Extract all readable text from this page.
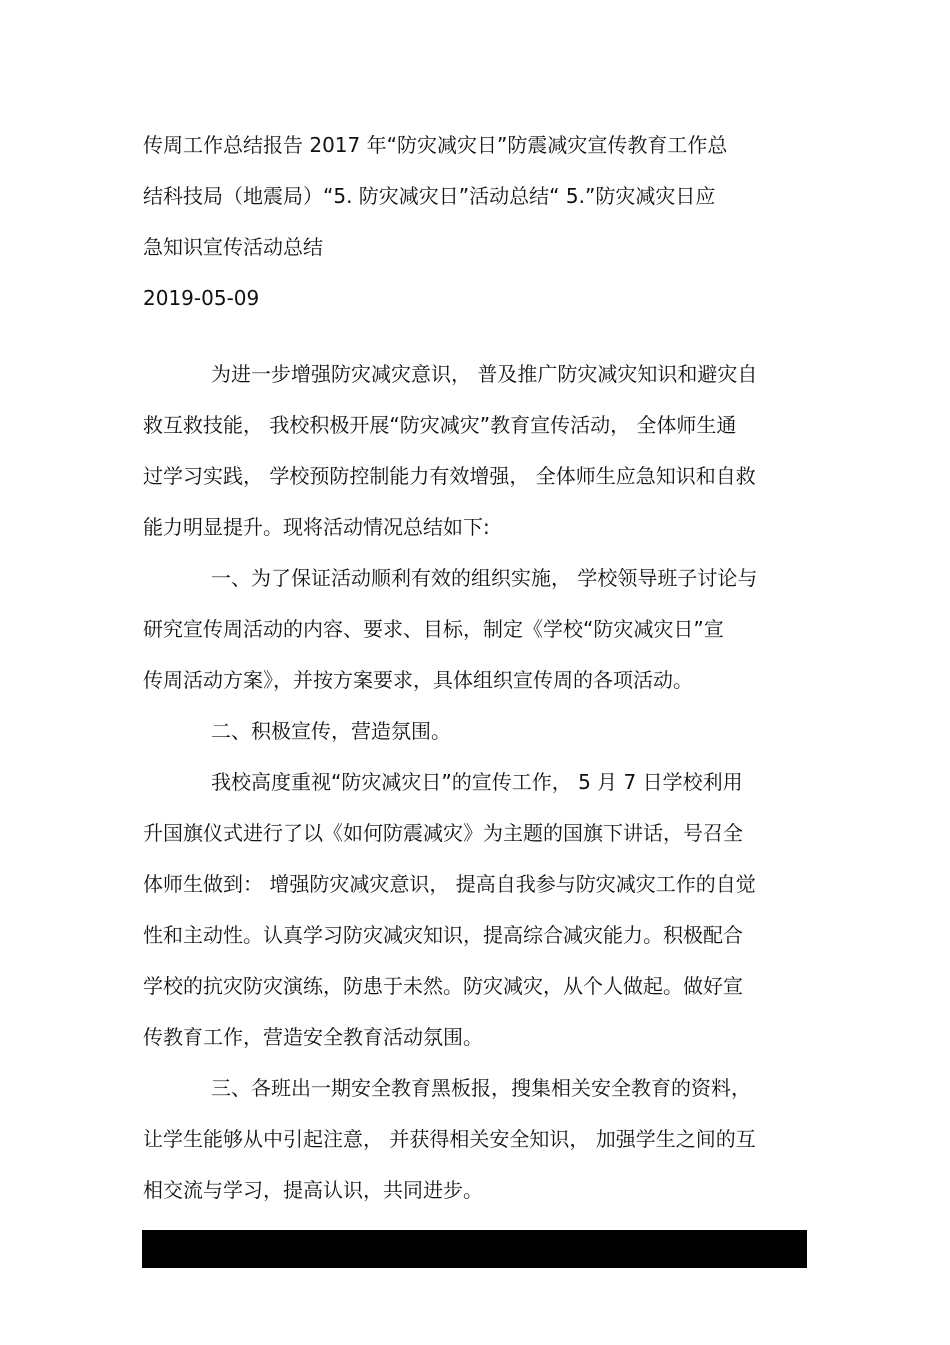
传周工作总结报告 2017 年“防灾减灾日”防震减灾宣传教育工作总
结科技局（地震局）“5. 防灾减灾日”活动总结“ 5.”防灾减灾日应
急知识宣传活动总结
2019-05-09
为进一步增强防灾减灾意识， 普及推广防灾减灾知识和避灾自
救互救技能， 我校积极开展“防灾减灾”教育宣传活动， 全体师生通
过学习实践， 学校预防控制能力有效增强， 全体师生应急知识和自救
能力明显提升。现将活动情况总结如下:
一、为了保证活动顺利有效的组织实施， 学校领导班子讨论与
研究宣传周活动的内容、要求、目标，制定《学校“防灾减灾日”宣
传周活动方案》，并按方案要求，具体组织宣传周的各项活动。
二、积极宣传，营造氛围。
我校高度重视“防灾减灾日”的宣传工作， 5 月 7 日学校利用
升国旗仪式进行了以《如何防震减灾》为主题的国旗下讲话，号召全
体师生做到： 增强防灾减灾意识， 提高自我参与防灾减灾工作的自觉
性和主动性。认真学习防灾减灾知识，提高综合减灾能力。积极配合
学校的抗灾防灾演练，防患于未然。防灾减灾，从个人做起。做好宣
传教育工作，营造安全教育活动氛围。
三、各班出一期安全教育黑板报，搜集相关安全教育的资料，
让学生能够从中引起注意， 并获得相关安全知识， 加强学生之间的互
相交流与学习，提高认识，共同进步。
